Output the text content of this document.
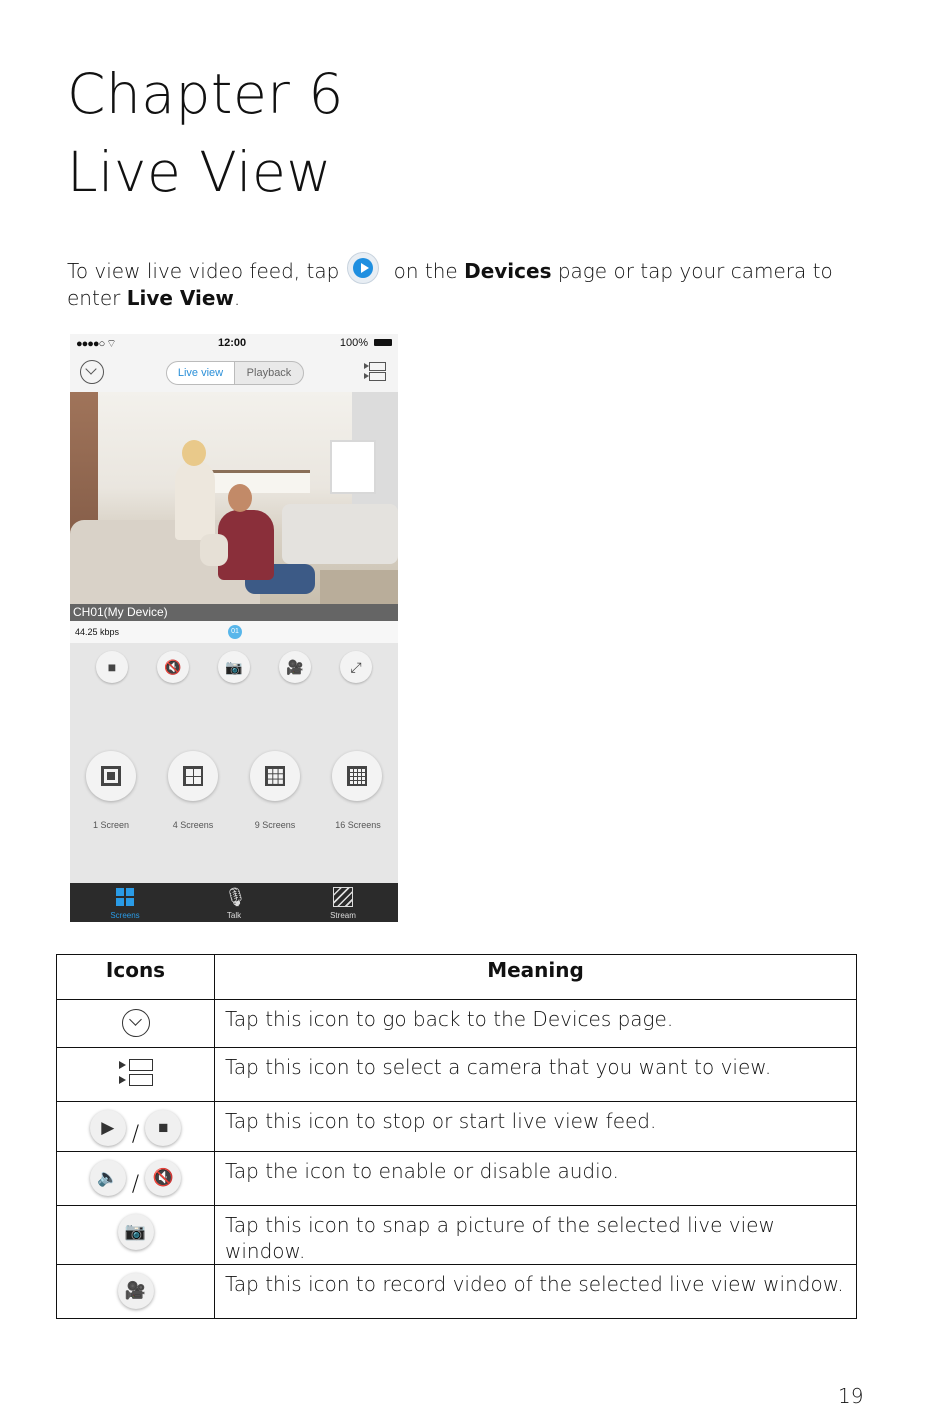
Chapter 6
Live View
To view live video feed, tap on the Devices page or tap your camera to enter Live View.
●●●●○ ⌔	12:00	100%
Live view	Playback
CH01(My Device)
44.25 kbps	01
■	🔇	📷	🎥	⤢
1 Screen	4 Screens	9 Screens	16 Screens
Screens
🎙
Talk	Stream
Icons	Meaning

	Tap this icon to go back to the Devices page.

	Tap this icon to select a camera that you want to view.
▶ / ■	Tap this icon to stop or start live view feed.
🔈 / 🔇	Tap the icon to enable or disable audio.
📷	Tap this icon to snap a picture of the selected live view window.
🎥	Tap this icon to record video of the selected live view window.
19
